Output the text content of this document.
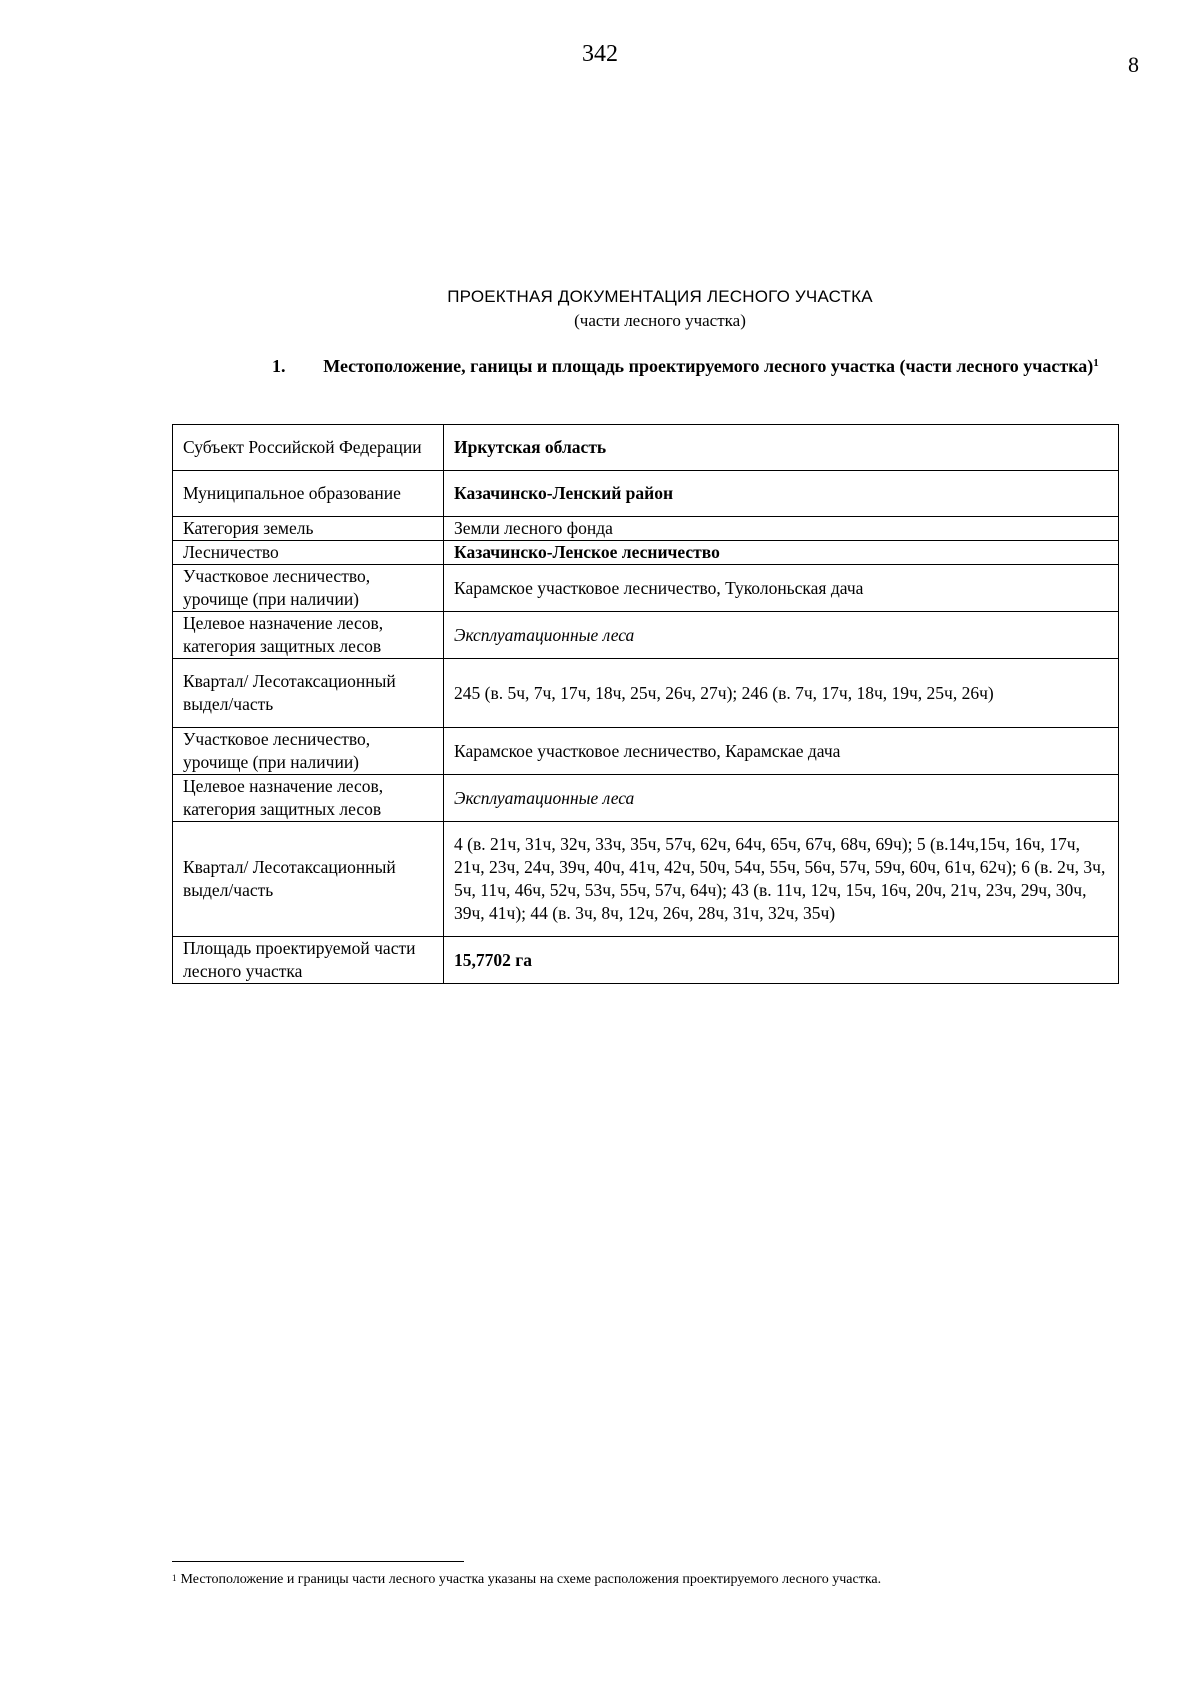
342	8
ПРОЕКТНАЯ ДОКУМЕНТАЦИЯ ЛЕСНОГО УЧАСТКА
(части лесного участка)
1.	Местоположение, ганицы и площадь проектируемого лесного участка (части лесного участка)$^1$
Субъект Российской Федерации	Иркутская область
Муниципальное образование	Казачинско-Ленский район
Категория земель	Земли лесного фонда
Лесничество	Казачинско-Ленское лесничество
Участковое лесничество, урочище (при наличии)	Карамское участковое лесничество, Туколоньская дача
Целевое назначение лесов, категория защитных лесов	Эксплуатационные леса
Квартал/ Лесотаксационный выдел/часть	245 (в. 5ч, 7ч, 17ч, 18ч, 25ч, 26ч, 27ч); 246 (в. 7ч, 17ч, 18ч, 19ч, 25ч, 26ч)
Участковое лесничество, урочище (при наличии)	Карамское участковое лесничество, Карамскае дача
Целевое назначение лесов, категория защитных лесов	Эксплуатационные леса
Квартал/ Лесотаксационный выдел/часть	4 (в. 21ч, 31ч, 32ч, 33ч, 35ч, 57ч, 62ч, 64ч, 65ч, 67ч, 68ч, 69ч); 5 (в.14ч,15ч, 16ч, 17ч, 21ч, 23ч, 24ч, 39ч, 40ч, 41ч, 42ч, 50ч, 54ч, 55ч, 56ч, 57ч, 59ч, 60ч, 61ч, 62ч); 6 (в. 2ч, 3ч, 5ч, 11ч, 46ч, 52ч, 53ч, 55ч, 57ч, 64ч); 43 (в. 11ч, 12ч, 15ч, 16ч, 20ч, 21ч, 23ч, 29ч, 30ч, 39ч, 41ч); 44 (в. 3ч, 8ч, 12ч, 26ч, 28ч, 31ч, 32ч, 35ч)
Площадь проектируемой части лесного участка	15,7702 га
$^1$ Местоположение и границы части лесного участка указаны на схеме расположения проектируемого лесного участка.
